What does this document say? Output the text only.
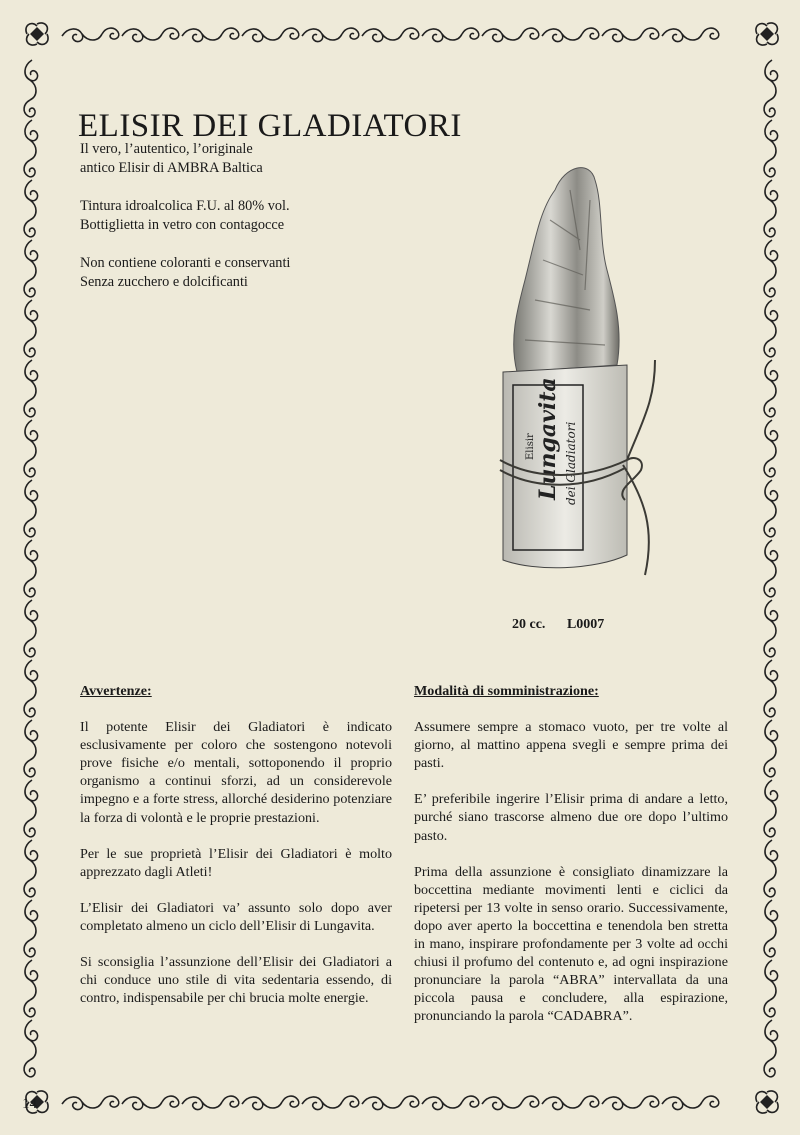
ELISIR DEI GLADIATORI

Il vero, l’autentico, l’originale
antico Elisir di AMBRA Baltica

Tintura idroalcolica F.U. al 80% vol.
Bottiglietta in vetro con contagocce

Non contiene coloranti e conservanti
Senza zucchero e dolcificanti

Elisir Lungavita dei Gladiatori
20 cc. L0007
Avvertenze:

Il potente Elisir dei Gladiatori è indicato esclusivamente per coloro che sostengono notevoli prove fisiche e/o mentali, sottoponendo il proprio organismo a continui sforzi, ad un considerevole impegno e a forte stress, allorché desiderino potenziare la forza di volontà e le proprie prestazioni.

Per le sue proprietà l’Elisir dei Gladiatori è molto apprezzato dagli Atleti!

L’Elisir dei Gladiatori va’ assunto solo dopo aver completato almeno un ciclo dell’Elisir di Lungavita.

Si sconsiglia l’assunzione dell’Elisir dei Gladiatori a chi conduce uno stile di vita sedentaria essendo, di contro, indispensabile per chi brucia molte energie.

Modalità di somministrazione:

Assumere sempre a stomaco vuoto, per tre volte al giorno, al mattino appena svegli e sempre prima dei pasti.

E’ preferibile ingerire l’Elisir prima di andare a letto, purché siano trascorse almeno due ore dopo l’ultimo pasto.

Prima della assunzione è consigliato dinamizzare la boccettina mediante movimenti lenti e ciclici da ripetersi per 13 volte in senso orario. Successivamente, dopo aver aperto la boccettina e tenendola ben stretta in mano, inspirare profondamente per 3 volte ad occhi chiusi il profumo del contenuto e, ad ogni inspirazione pronunciare la parola “ABRA” intervallata da una piccola pausa e concludere, alla espirazione, pronunciando la parola “CADABRA”.

14
